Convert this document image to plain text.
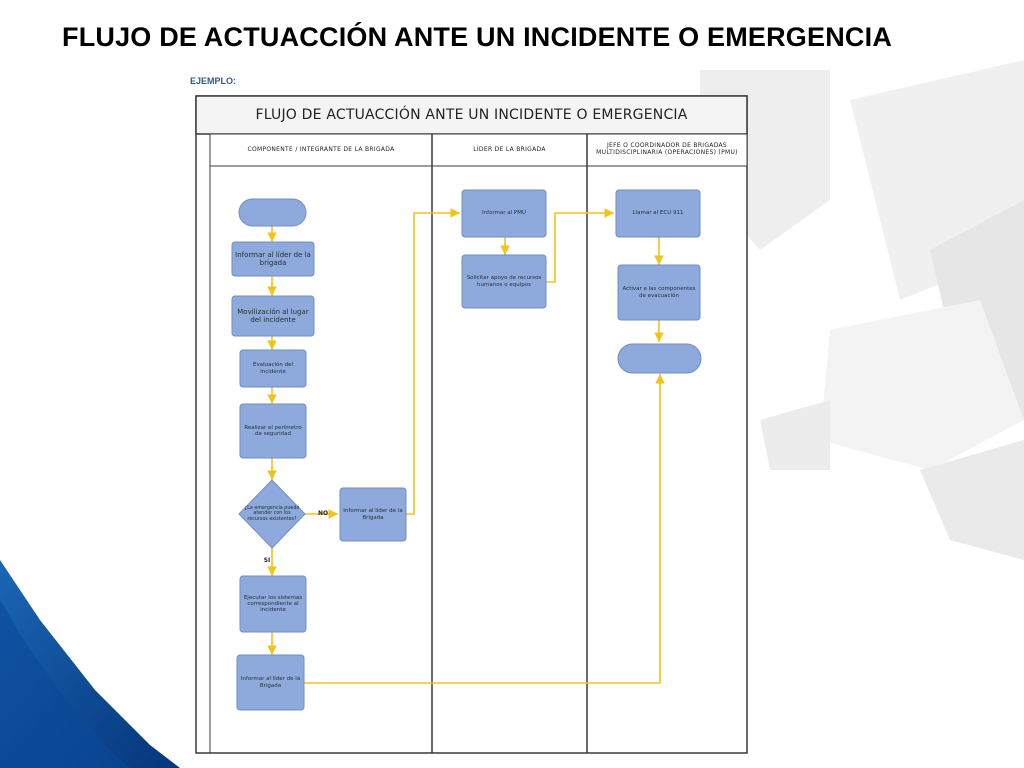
FLUJO DE ACTUACCIÓN ANTE UN INCIDENTE O EMERGENCIA
EJEMPLO:
FLUJO DE ACTUACCIÓN ANTE UN INCIDENTE O EMERGENCIA
COMPONENTE / INTEGRANTE DE LA BRIGADA	LÍDER DE LA BRIGADA	JEFE O COORDINADOR DE BRIGADAS MULTIDISCIPLINARIA (OPERACIONES) (PMU)
Informar al líder de la brigada
Movilización al lugar del incidente
Evaluación del incidente
Realizar el perímetro de seguridad
¿La emergencia puede atender con los recursos existentes?
Informar al líder de la Brigada
Ejecutar los sistemas correspondiente al incidente
Informar al líder de la Brigada
Informar al PMU
Solicitar apoyo de recursos humanos o equipos
Llamar al ECU 911
Activar a las componentes de evacuación
NO
SI
